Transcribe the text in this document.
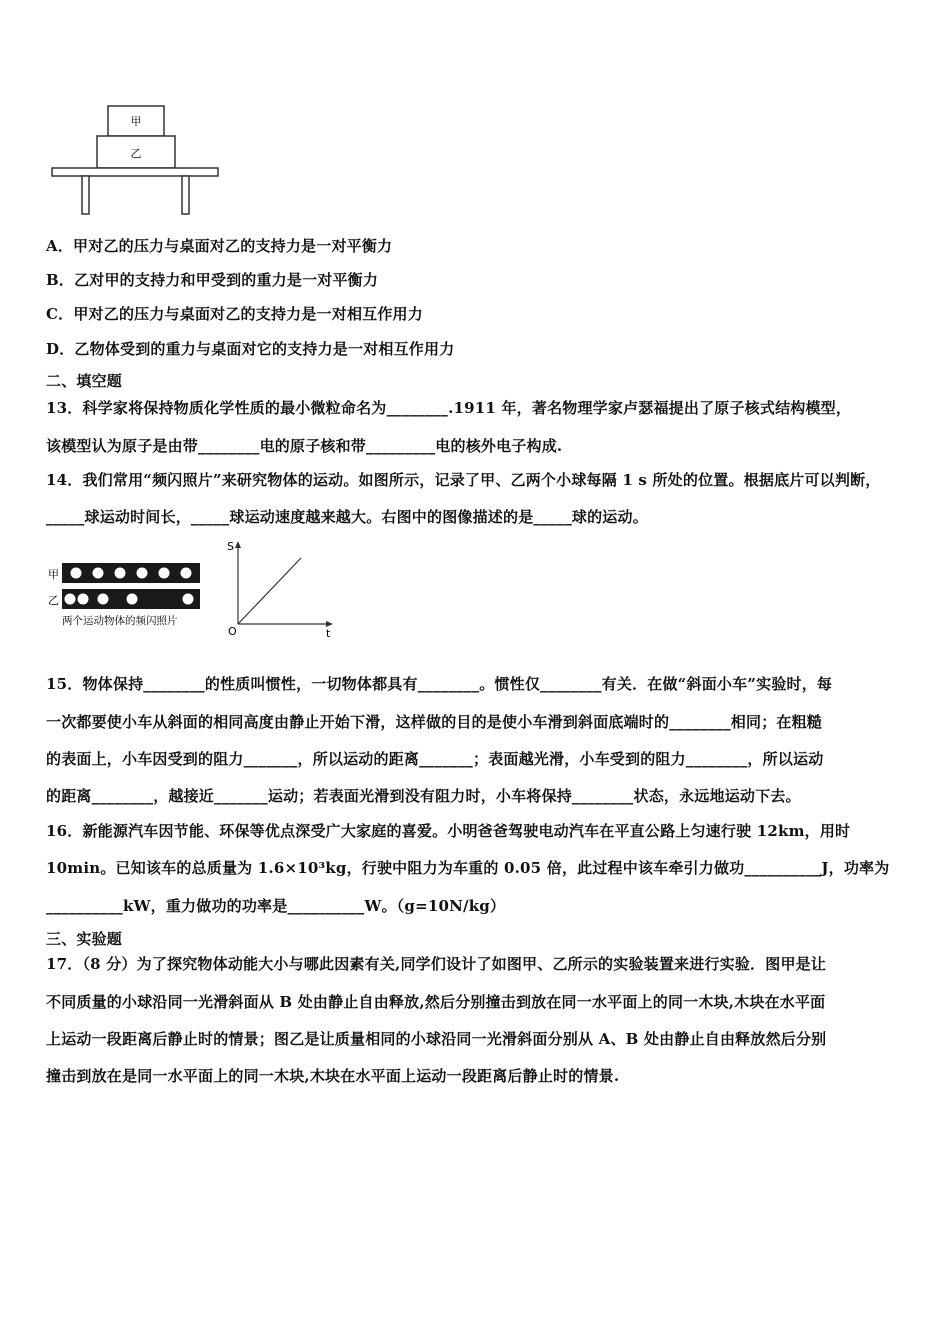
甲
乙
A．甲对乙的压力与桌面对乙的支持力是一对平衡力
B．乙对甲的支持力和甲受到的重力是一对平衡力
C．甲对乙的压力与桌面对乙的支持力是一对相互作用力
D．乙物体受到的重力与桌面对它的支持力是一对相互作用力
二、填空题
13．科学家将保持物质化学性质的最小微粒命名为________.1911 年，著名物理学家卢瑟福提出了原子核式结构模型，
该模型认为原子是由带________电的原子核和带_________电的核外电子构成.
14．我们常用“频闪照片”来研究物体的运动。如图所示，记录了甲、乙两个小球每隔 1 s 所处的位置。根据底片可以判断，
_____球运动时间长，_____球运动速度越来越大。右图中的图像描述的是_____球的运动。
甲
乙
两个运动物体的频闪照片
S
t
O
15．物体保持________的性质叫惯性，一切物体都具有________。惯性仅________有关．在做“斜面小车”实验时，每
一次都要使小车从斜面的相同高度由静止开始下滑，这样做的目的是使小车滑到斜面底端时的________相同；在粗糙
的表面上，小车因受到的阻力_______，所以运动的距离_______；表面越光滑，小车受到的阻力________，所以运动
的距离________，越接近_______运动；若表面光滑到没有阻力时，小车将保持________状态，永远地运动下去。
16．新能源汽车因节能、环保等优点深受广大家庭的喜爱。小明爸爸驾驶电动汽车在平直公路上匀速行驶 12km，用时
10min。已知该车的总质量为 1.6×10³kg，行驶中阻力为车重的 0.05 倍，此过程中该车牵引力做功__________J，功率为
__________kW，重力做功的功率是__________W。（g=10N/kg）
三、实验题
17．（8 分）为了探究物体动能大小与哪此因素有关,同学们设计了如图甲、乙所示的实验装置来进行实验．图甲是让
不同质量的小球沿同一光滑斜面从 B 处由静止自由释放,然后分别撞击到放在同一水平面上的同一木块,木块在水平面
上运动一段距离后静止时的情景；图乙是让质量相同的小球沿同一光滑斜面分别从 A、B 处由静止自由释放然后分别
撞击到放在是同一水平面上的同一木块,木块在水平面上运动一段距离后静止时的情景.
